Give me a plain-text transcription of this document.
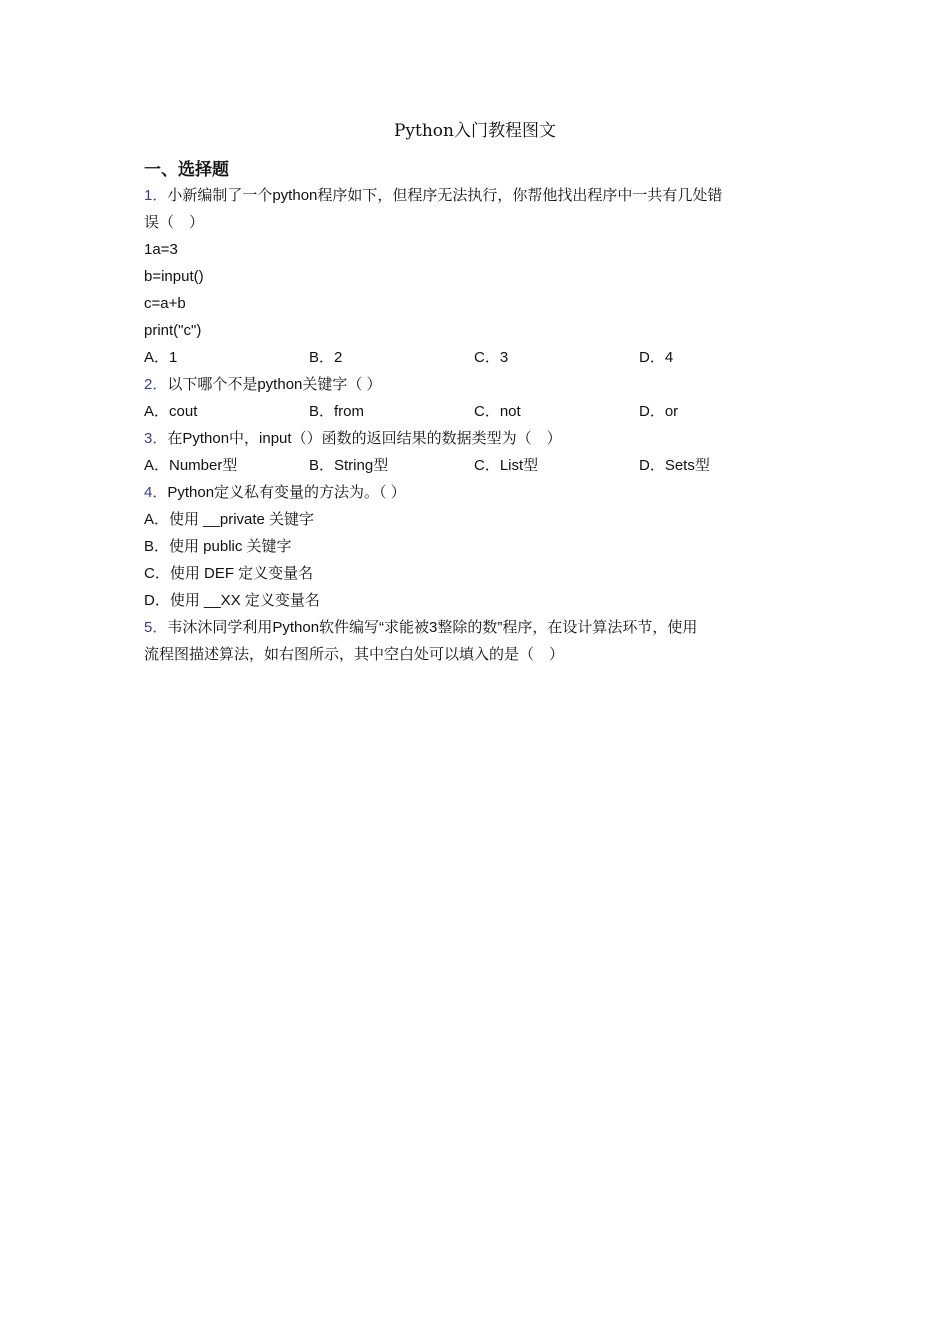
Python入门教程图文
一、选择题
1．小新编制了一个python程序如下，但程序无法执行，你帮他找出程序中一共有几处错
误（　）
1a=3
b=input()
c=a+b
print("c")
A．1	B．2	C．3	D．4
2．以下哪个不是python关键字（ ）
A．cout	B．from	C．not	D．or
3．在Python中，input（）函数的返回结果的数据类型为（　）
A．Number型	B．String型	C．List型	D．Sets型
4．Python定义私有变量的方法为。（ ）
A．使用 __private 关键字
B．使用 public 关键字
C．使用 DEF 定义变量名
D．使用 __XX 定义变量名
5．韦沐沐同学利用Python软件编写“求能被3整除的数”程序，在设计算法环节，使用
流程图描述算法，如右图所示，其中空白处可以填入的是（　）
